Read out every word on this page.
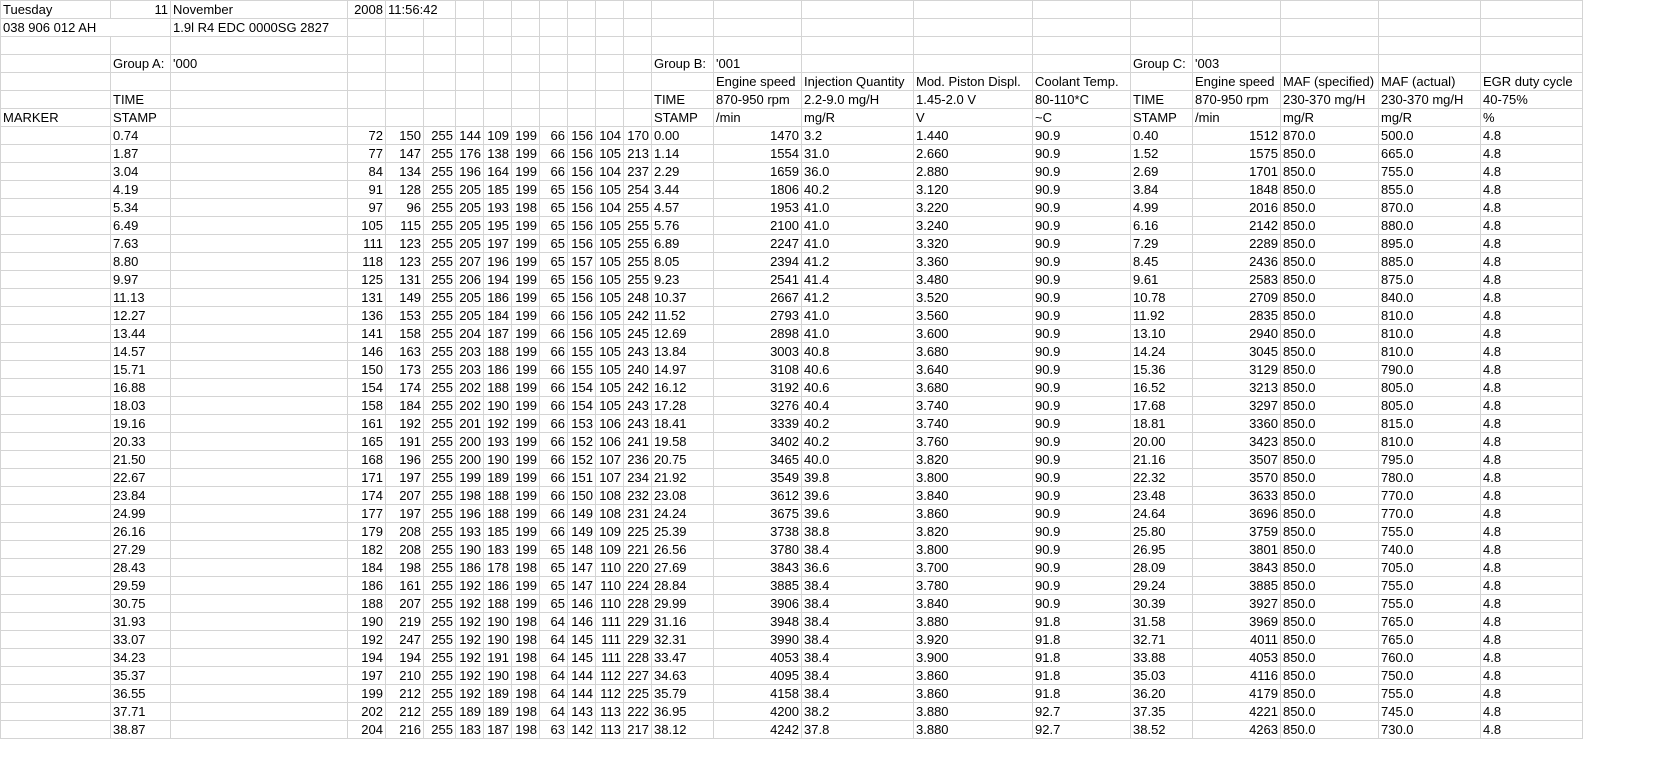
Tuesday	11	November	2008	11:56:42																		
038 906 012 AH		1.9l R4 EDC 0000SG 2827																				

	Group A:	'000											Group B:	'001				Group C:	'003			
														Engine speed	Injection Quantity	Mod. Piston Displ.	Coolant Temp.		Engine speed	MAF (specified)	MAF (actual)	EGR duty cycle
	TIME												TIME	870-950 rpm	2.2-9.0 mg/H	1.45-2.0 V	80-110*C	TIME	870-950 rpm	230-370 mg/H	230-370 mg/H	40-75%
MARKER	STAMP												STAMP	/min	mg/R	V	~C	STAMP	/min	mg/R	mg/R	%
	0.74		72	150	255	144	109	199	66	156	104	170	0.00	1470	3.2	1.440	90.9	0.40	1512	870.0	500.0	4.8
	1.87		77	147	255	176	138	199	66	156	105	213	1.14	1554	31.0	2.660	90.9	1.52	1575	850.0	665.0	4.8
	3.04		84	134	255	196	164	199	66	156	104	237	2.29	1659	36.0	2.880	90.9	2.69	1701	850.0	755.0	4.8
	4.19		91	128	255	205	185	199	65	156	105	254	3.44	1806	40.2	3.120	90.9	3.84	1848	850.0	855.0	4.8
	5.34		97	96	255	205	193	198	65	156	104	255	4.57	1953	41.0	3.220	90.9	4.99	2016	850.0	870.0	4.8
	6.49		105	115	255	205	195	199	65	156	105	255	5.76	2100	41.0	3.240	90.9	6.16	2142	850.0	880.0	4.8
	7.63		111	123	255	205	197	199	65	156	105	255	6.89	2247	41.0	3.320	90.9	7.29	2289	850.0	895.0	4.8
	8.80		118	123	255	207	196	199	65	157	105	255	8.05	2394	41.2	3.360	90.9	8.45	2436	850.0	885.0	4.8
	9.97		125	131	255	206	194	199	65	156	105	255	9.23	2541	41.4	3.480	90.9	9.61	2583	850.0	875.0	4.8
	11.13		131	149	255	205	186	199	65	156	105	248	10.37	2667	41.2	3.520	90.9	10.78	2709	850.0	840.0	4.8
	12.27		136	153	255	205	184	199	66	156	105	242	11.52	2793	41.0	3.560	90.9	11.92	2835	850.0	810.0	4.8
	13.44		141	158	255	204	187	199	66	156	105	245	12.69	2898	41.0	3.600	90.9	13.10	2940	850.0	810.0	4.8
	14.57		146	163	255	203	188	199	66	155	105	243	13.84	3003	40.8	3.680	90.9	14.24	3045	850.0	810.0	4.8
	15.71		150	173	255	203	186	199	66	155	105	240	14.97	3108	40.6	3.640	90.9	15.36	3129	850.0	790.0	4.8
	16.88		154	174	255	202	188	199	66	154	105	242	16.12	3192	40.6	3.680	90.9	16.52	3213	850.0	805.0	4.8
	18.03		158	184	255	202	190	199	66	154	105	243	17.28	3276	40.4	3.740	90.9	17.68	3297	850.0	805.0	4.8
	19.16		161	192	255	201	192	199	66	153	106	243	18.41	3339	40.2	3.740	90.9	18.81	3360	850.0	815.0	4.8
	20.33		165	191	255	200	193	199	66	152	106	241	19.58	3402	40.2	3.760	90.9	20.00	3423	850.0	810.0	4.8
	21.50		168	196	255	200	190	199	66	152	107	236	20.75	3465	40.0	3.820	90.9	21.16	3507	850.0	795.0	4.8
	22.67		171	197	255	199	189	199	66	151	107	234	21.92	3549	39.8	3.800	90.9	22.32	3570	850.0	780.0	4.8
	23.84		174	207	255	198	188	199	66	150	108	232	23.08	3612	39.6	3.840	90.9	23.48	3633	850.0	770.0	4.8
	24.99		177	197	255	196	188	199	66	149	108	231	24.24	3675	39.6	3.860	90.9	24.64	3696	850.0	770.0	4.8
	26.16		179	208	255	193	185	199	66	149	109	225	25.39	3738	38.8	3.820	90.9	25.80	3759	850.0	755.0	4.8
	27.29		182	208	255	190	183	199	65	148	109	221	26.56	3780	38.4	3.800	90.9	26.95	3801	850.0	740.0	4.8
	28.43		184	198	255	186	178	198	65	147	110	220	27.69	3843	36.6	3.700	90.9	28.09	3843	850.0	705.0	4.8
	29.59		186	161	255	192	186	199	65	147	110	224	28.84	3885	38.4	3.780	90.9	29.24	3885	850.0	755.0	4.8
	30.75		188	207	255	192	188	199	65	146	110	228	29.99	3906	38.4	3.840	90.9	30.39	3927	850.0	755.0	4.8
	31.93		190	219	255	192	190	198	64	146	111	229	31.16	3948	38.4	3.880	91.8	31.58	3969	850.0	765.0	4.8
	33.07		192	247	255	192	190	198	64	145	111	229	32.31	3990	38.4	3.920	91.8	32.71	4011	850.0	765.0	4.8
	34.23		194	194	255	192	191	198	64	145	111	228	33.47	4053	38.4	3.900	91.8	33.88	4053	850.0	760.0	4.8
	35.37		197	210	255	192	190	198	64	144	112	227	34.63	4095	38.4	3.860	91.8	35.03	4116	850.0	750.0	4.8
	36.55		199	212	255	192	189	198	64	144	112	225	35.79	4158	38.4	3.860	91.8	36.20	4179	850.0	755.0	4.8
	37.71		202	212	255	189	189	198	64	143	113	222	36.95	4200	38.2	3.880	92.7	37.35	4221	850.0	745.0	4.8
	38.87		204	216	255	183	187	198	63	142	113	217	38.12	4242	37.8	3.880	92.7	38.52	4263	850.0	730.0	4.8
